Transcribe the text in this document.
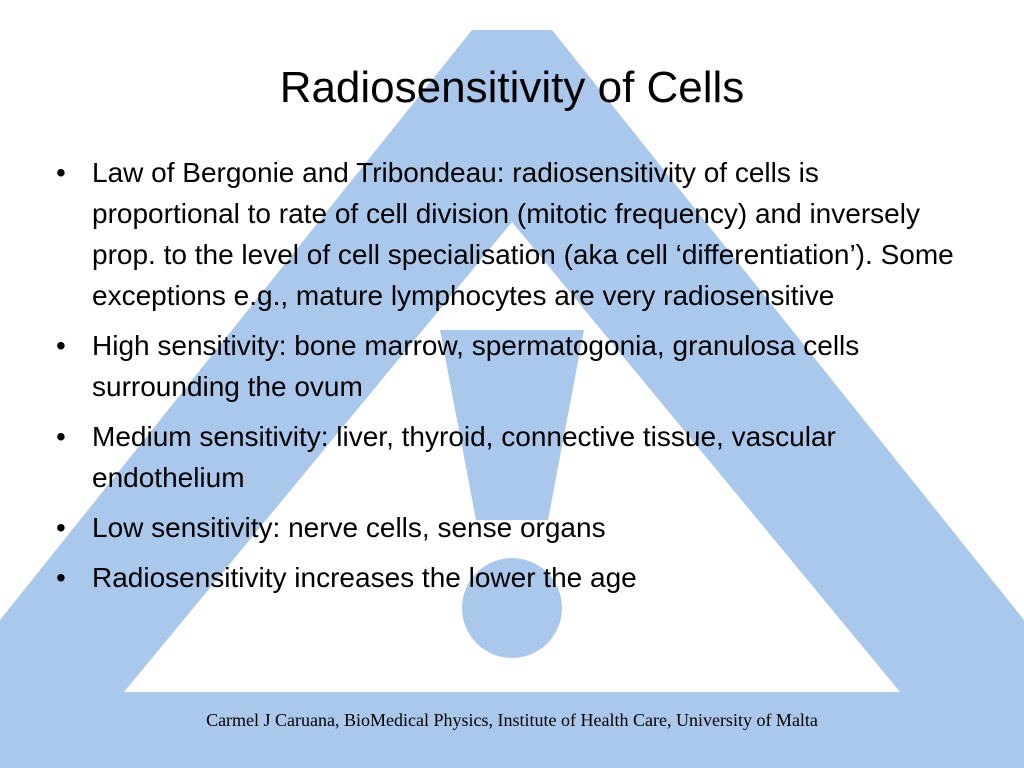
Radiosensitivity of Cells
• Law of Bergonie and Tribondeau: radiosensitivity of cells is proportional to rate of cell division (mitotic frequency) and inversely prop. to the level of cell specialisation (aka cell ‘differentiation’). Some exceptions e.g., mature lymphocytes are very radiosensitive
• High sensitivity: bone marrow, spermatogonia, granulosa cells surrounding the ovum
• Medium sensitivity: liver, thyroid, connective tissue, vascular endothelium
• Low sensitivity: nerve cells, sense organs
• Radiosensitivity increases the lower the age
Carmel J Caruana, BioMedical Physics, Institute of Health Care, University of Malta
